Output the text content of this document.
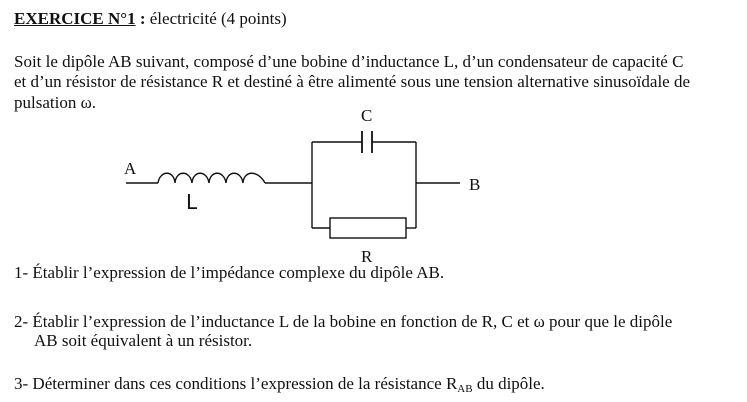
EXERCICE N°1 : électricité (4 points)
Soit le dipôle AB suivant, composé d’une bobine d’inductance L, d’un condensateur de capacité C
et d’un résistor de résistance R et destiné à être alimenté sous une tension alternative sinusoïdale de
pulsation ω.
A
B
C
R
L
1- Établir l’expression de l’impédance complexe du dipôle AB.
2- Établir l’expression de l’inductance L de la bobine en fonction de R, C et ω pour que le dipôle
AB soit équivalent à un résistor.
3- Déterminer dans ces conditions l’expression de la résistance $R_{AB}$ du dipôle.
